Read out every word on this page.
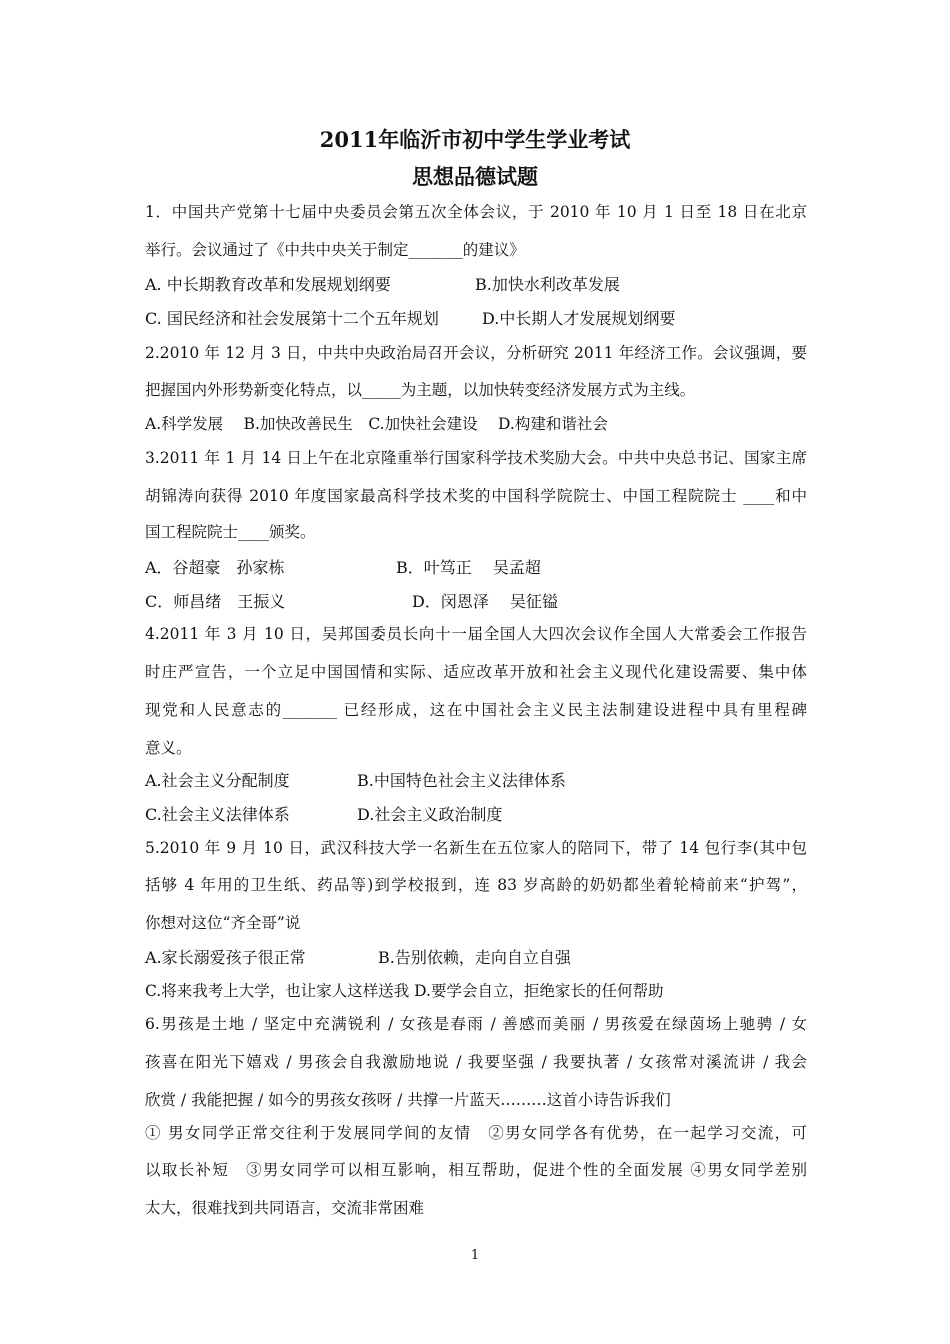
2011年临沂市初中学生学业考试
思想品德试题
1．中国共产党第十七届中央委员会第五次全体会议，于 2010 年 10 月 1 日至 18 日在北京
举行。会议通过了《中共中央关于制定_______的建议》
A. 中长期教育改革和发展规划纲要	B.加快水利改革发展
C. 国民经济和社会发展第十二个五年规划	D.中长期人才发展规划纲要
2.2010 年 12 月 3 日，中共中央政治局召开会议，分析研究 2011 年经济工作。会议强调，要
把握国内外形势新变化特点，以_____为主题，以加快转变经济发展方式为主线。
A.科学发展　 B.加快改善民生　C.加快社会建设　 D.构建和谐社会
3.2011 年 1 月 14 日上午在北京隆重举行国家科学技术奖励大会。中共中央总书记、国家主席
胡锦涛向获得 2010 年度国家最高科学技术奖的中国科学院院士、中国工程院院士 ____和中
国工程院院士____颁奖。
A．谷超豪　孙家栋	B．叶笃正　 吴孟超
C．师昌绪　王振义	D．闵恩泽　 吴征镒
4.2011 年 3 月 10 日，吴邦国委员长向十一届全国人大四次会议作全国人大常委会工作报告
时庄严宣告，一个立足中国国情和实际、适应改革开放和社会主义现代化建设需要、集中体
现党和人民意志的_______ 已经形成，这在中国社会主义民主法制建设进程中具有里程碑
意义。
A.社会主义分配制度	B.中国特色社会主义法律体系
C.社会主义法律体系	D.社会主义政治制度
5.2010 年 9 月 10 日，武汉科技大学一名新生在五位家人的陪同下，带了 14 包行李(其中包
括够 4 年用的卫生纸、药品等)到学校报到，连 83 岁高龄的奶奶都坐着轮椅前来“护驾”，
你想对这位“齐全哥”说
A.家长溺爱孩子很正常	B.告别依赖，走向自立自强
C.将来我考上大学，也让家人这样送我 D.要学会自立，拒绝家长的任何帮助
6.男孩是土地 / 坚定中充满锐利 / 女孩是春雨 / 善感而美丽 / 男孩爱在绿茵场上驰骋 / 女
孩喜在阳光下嬉戏 / 男孩会自我激励地说 / 我要坚强 / 我要执著 / 女孩常对溪流讲 / 我会
欣赏 / 我能把握 / 如今的男孩女孩呀 / 共撑一片蓝天………这首小诗告诉我们
① 男女同学正常交往利于发展同学间的友情　②男女同学各有优势，在一起学习交流，可
以取长补短　③男女同学可以相互影响，相互帮助，促进个性的全面发展 ④男女同学差别
太大，很难找到共同语言，交流非常困难
1
